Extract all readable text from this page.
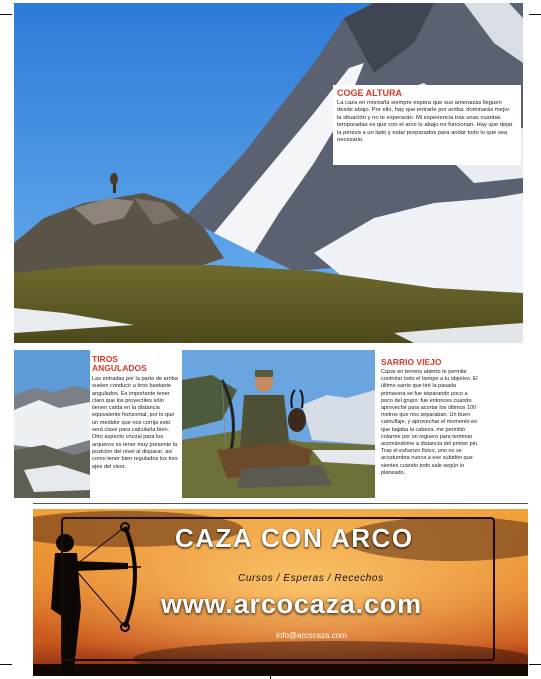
COGE ALTURA
La caza en montaña siempre espera que sus amenazas lleguen desde abajo. Por ello, hay que entrarle por arriba: dominarás mejor la situación y no te esperarán. Mi experiencia tras unas cuantas temporadas es que con el arco lo abajo no funcionan. Hay que dejar la pereza a un lado y estar preparados para andar todo lo que sea necesario.
TIROS
ANGULADOS
Las entradas por la parte de arriba suelen conducir a tiros bastante angulados. Es importante tener claro que los proyectiles sólo tienen caída en la distancia equivalente horizontal, por lo que un medidor que nos corrija esto será clave para calcularla bien. Otro aspecto crucial para los arqueros es tener muy presente la posición del nivel al disparar, así como tener bien regulados los tres ejes del visor.
SARRIO VIEJO
Cazar en terreno abierto te permite controlar todo el tiempo a tu objetivo. El último sarrio que tiré la pasada primavera se fue separando poco a poco del grupo: fue entonces cuando aproveché para acortar los últimos 100 metros que nos separaban. Un buen camuflaje, y aprovechar el momento en que bajaba la cabeza, me permitió colarme por un reguero para terminar asomándome a distancia del primer pin. Tras el esfuerzo físico, uno no se acostumbra nunca a ese subidón que sientes cuando todo sale según lo planeado.
CAZA CON ARCO
Cursos / Esperas / Recechos
www.arcocaza.com
info@arcocaza.com
